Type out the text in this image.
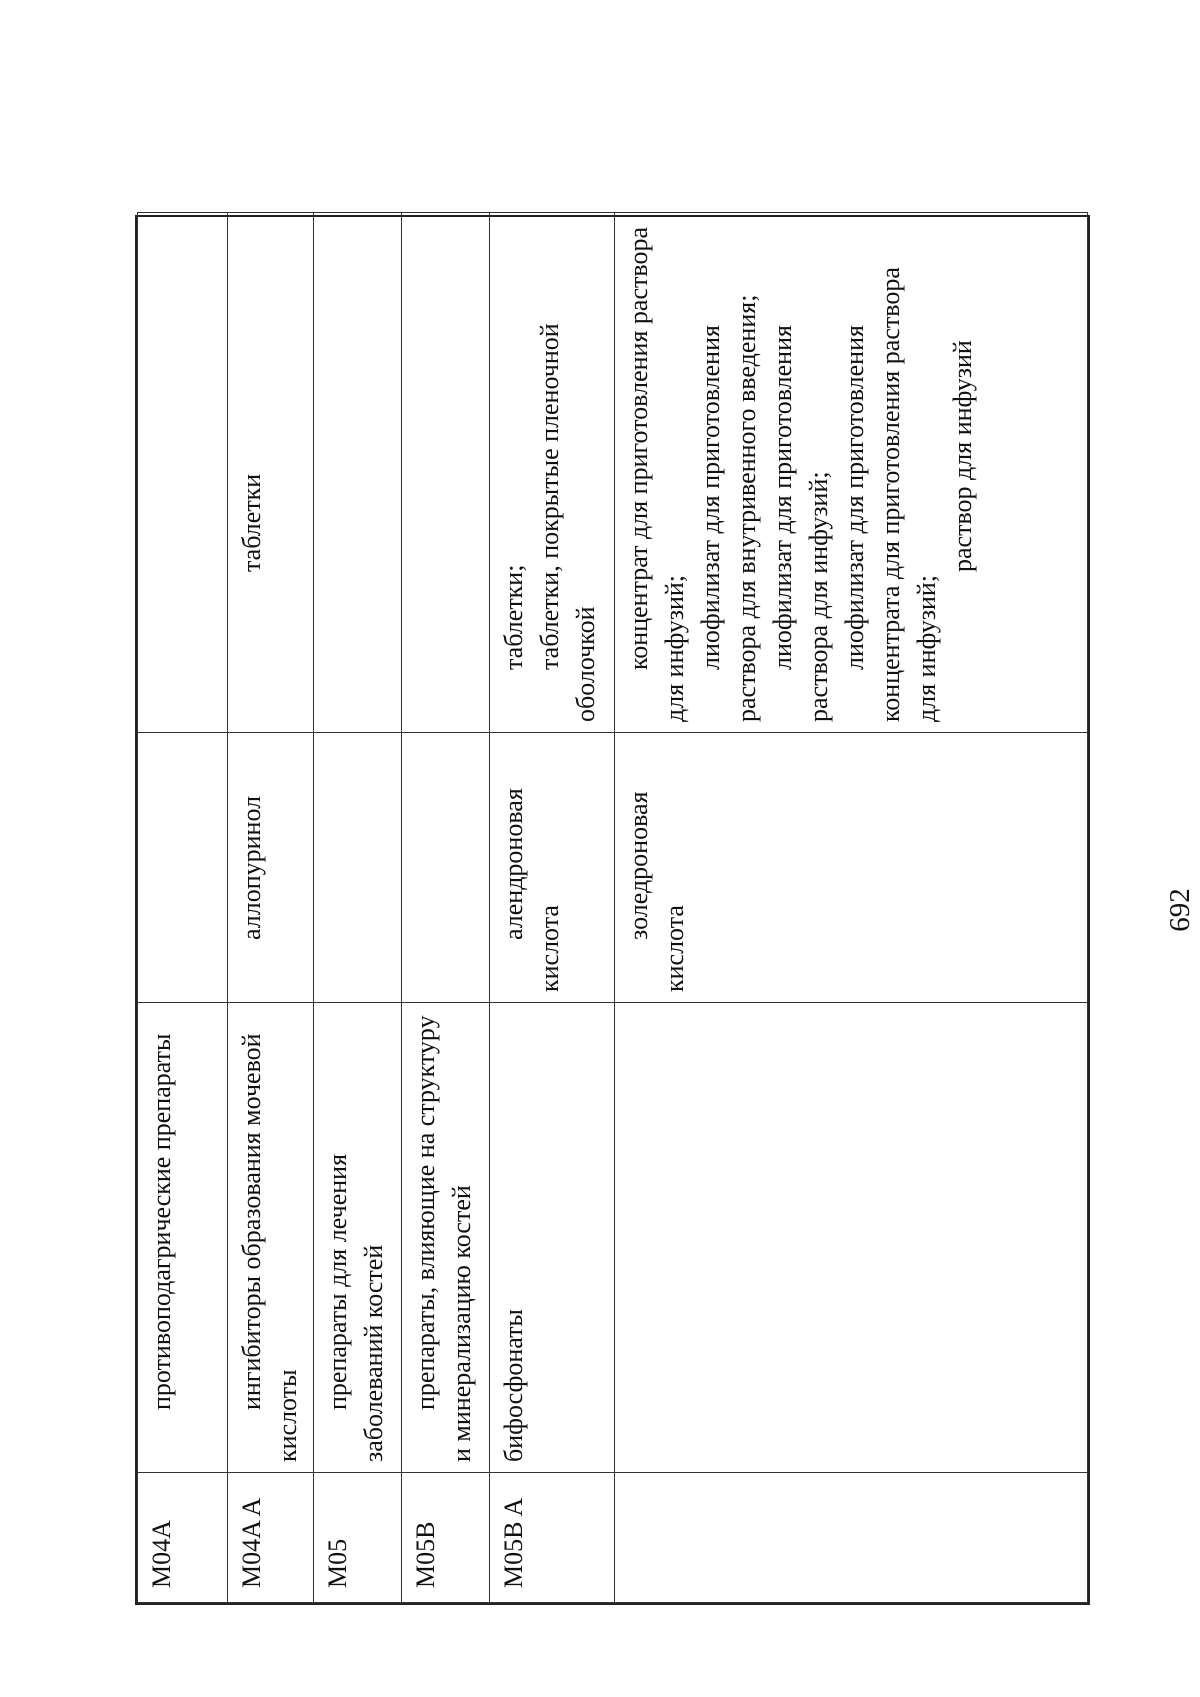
M04A	противоподагрические препараты		
M04A A	ингибиторы образования мочевой кислоты	аллопуринол	таблетки

M05	препараты для лечения заболеваний костей		
M05B	препараты, влияющие на структуру и минерализацию костей		
M05B A	бифосфонаты	алендроновая кислота	таблетки; таблетки, покрытые пленочной оболочкой

		золедроновая кислота	концентрат для приготовления раствора для инфузий; лиофилизат для приготовления раствора для внутривенного введения; лиофилизат для приготовления раствора для инфузий; лиофилизат для приготовления концентрата для приготовления раствора для инфузий;
раствор для инфузий
692
